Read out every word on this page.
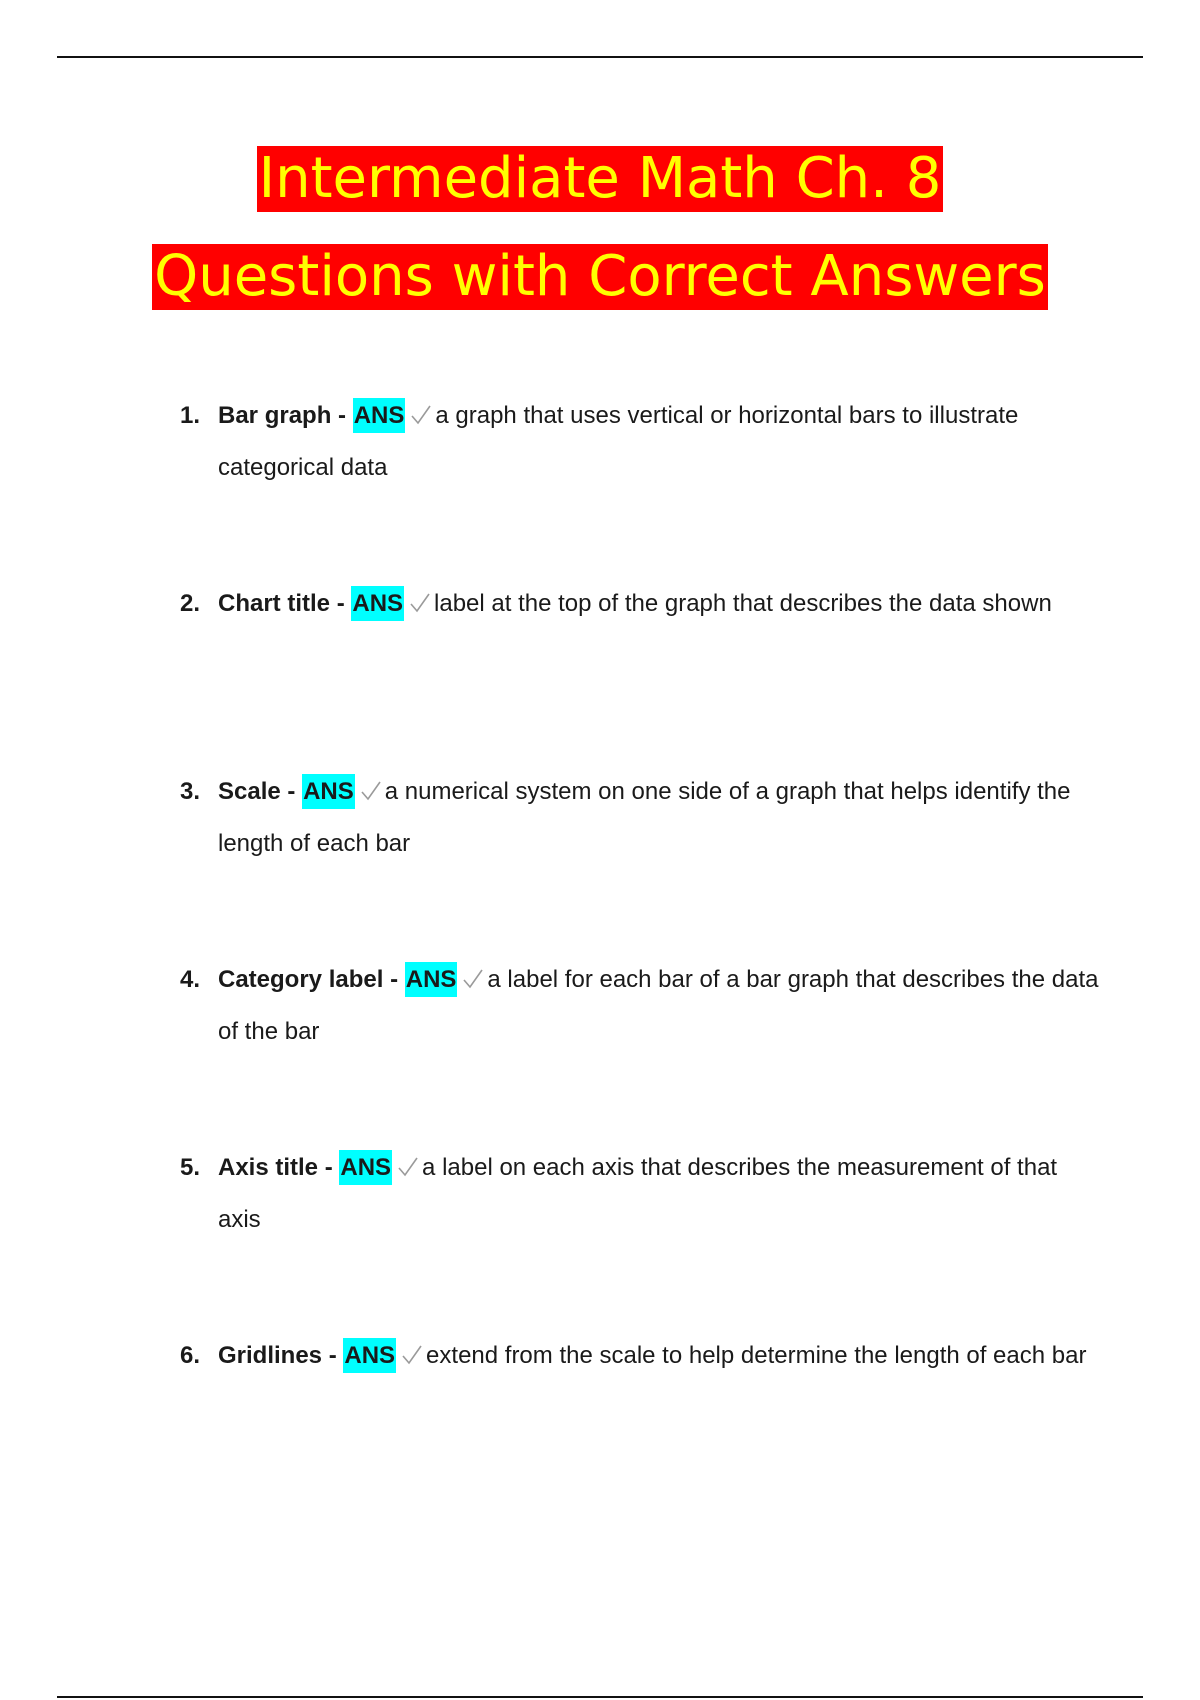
Intermediate Math Ch. 8
Questions with Correct Answers
1. Bar graph - ANS a graph that uses vertical or horizontal bars to illustrate categorical data
2. Chart title - ANS label at the top of the graph that describes the data shown
3. Scale - ANS a numerical system on one side of a graph that helps identify the length of each bar
4. Category label - ANS a label for each bar of a bar graph that describes the data of the bar
5. Axis title - ANS a label on each axis that describes the measurement of that axis
6. Gridlines - ANS extend from the scale to help determine the length of each bar
